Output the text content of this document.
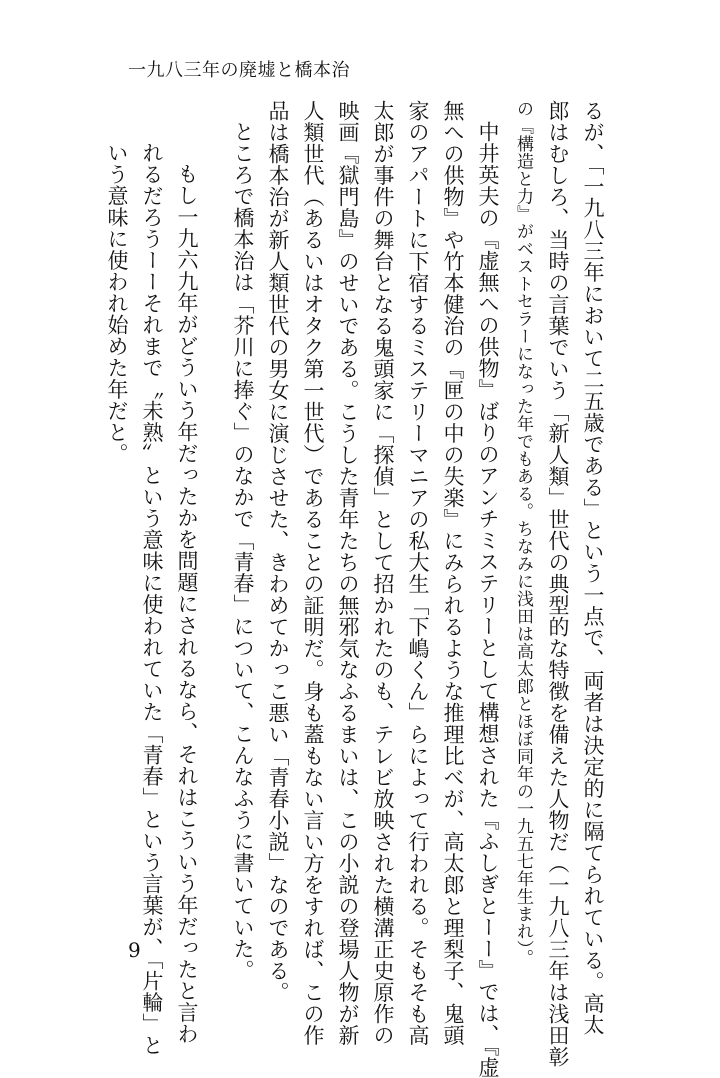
一九八三年の廃墟と橋本治

るが、「一九八三年において二五歳である」という一点で、両者は決定的に隔てられている。高太
郎はむしろ、当時の言葉でいう「新人類」世代の典型的な特徴を備えた人物だ（一九八三年は浅田彰
の『構造と力』がベストセラーになった年でもある。ちなみに浅田は高太郎とほぼ同年の一九五七年生まれ）。

中井英夫の『虚無への供物』ばりのアンチミステリーとして構想された『ふしぎとーー』では、『虚
無への供物』や竹本健治の『匣の中の失楽』にみられるような推理比べが、高太郎と理梨子、鬼頭
家のアパートに下宿するミステリーマニアの私大生「下嶋くん」らによって行われる。そもそも高
太郎が事件の舞台となる鬼頭家に「探偵」として招かれたのも、テレビ放映された横溝正史原作の
映画『獄門島』のせいである。こうした青年たちの無邪気なふるまいは、この小説の登場人物が新
人類世代（あるいはオタク第一世代）であることの証明だ。身も蓋もない言い方をすれば、この作
品は橋本治が新人類世代の男女に演じさせた、きわめてかっこ悪い「青春小説」なのである。

ところで橋本治は「芥川に捧ぐ」のなかで「青春」について、こんなふうに書いていた。

もし一九六九年がどういう年だったかを問題にされるなら、それはこういう年だったと言わ
れるだろうーーそれまで〝未熟〟という意味に使われていた「青春」という言葉が、「片輪」と
いう意味に使われ始めた年だと。
9
